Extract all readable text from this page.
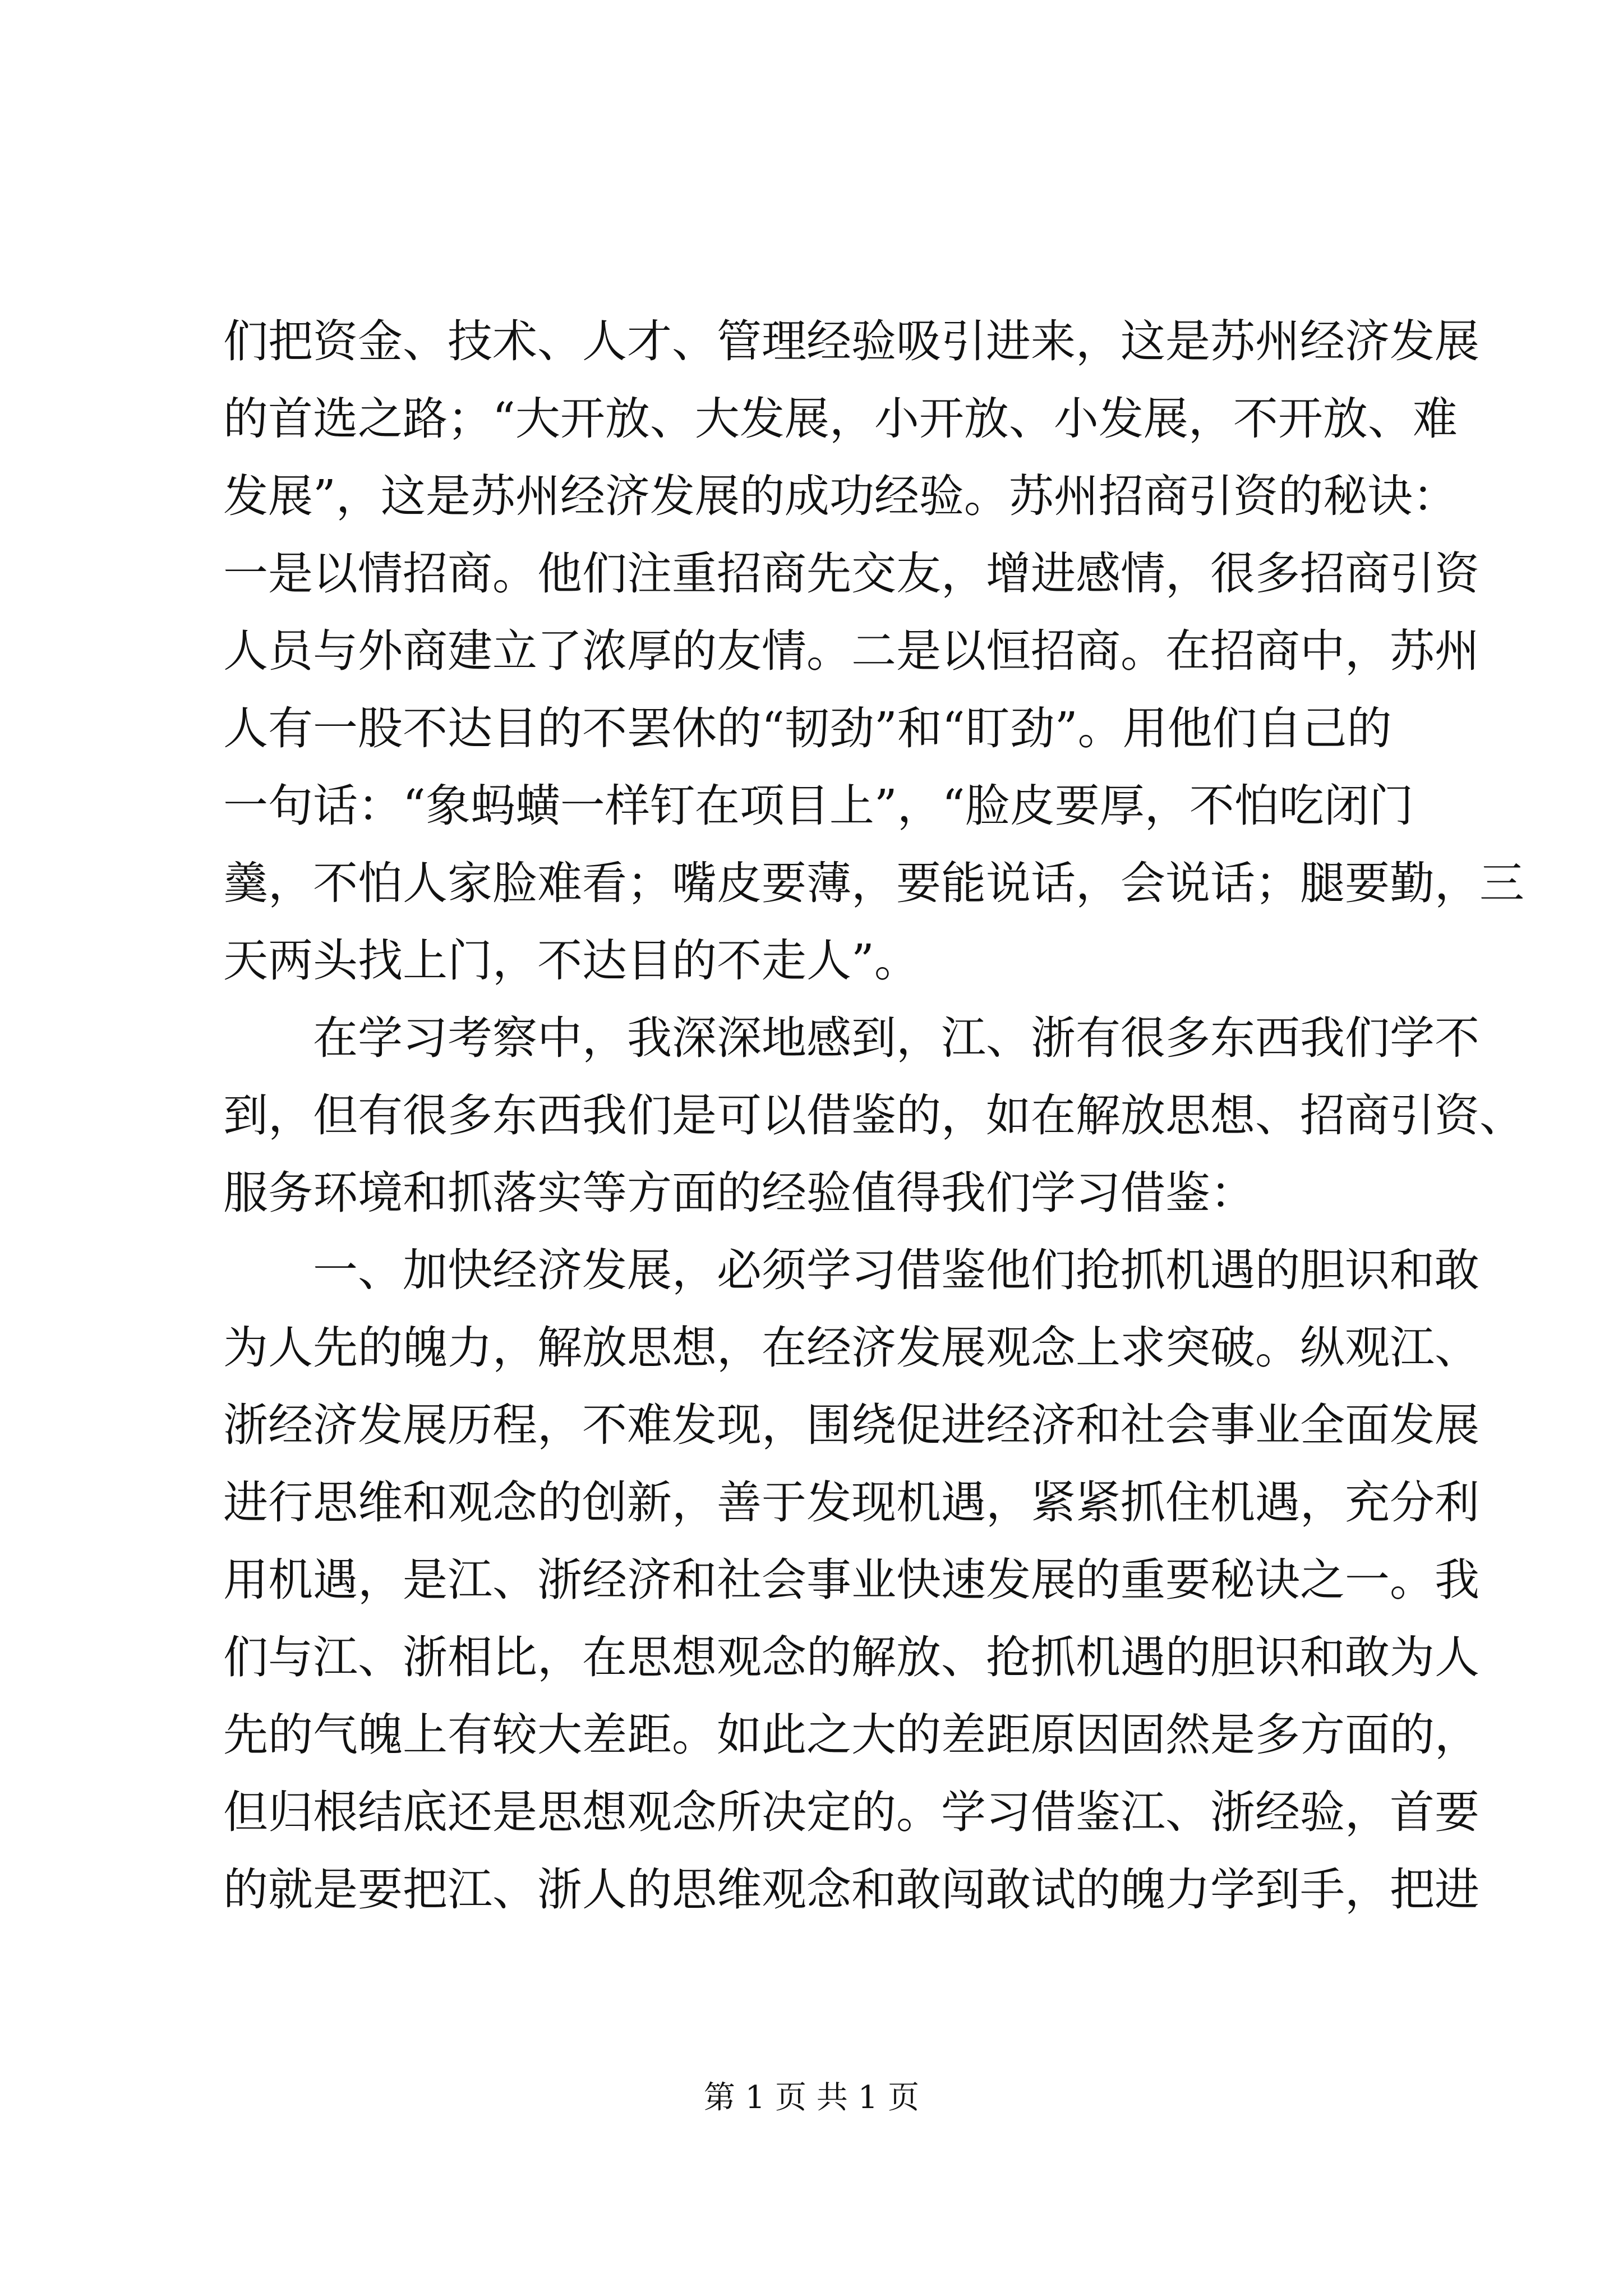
们把资金、技术、人才、管理经验吸引进来，这是苏州经济发展
的首选之路；“大开放、大发展，小开放、小发展，不开放、难
发展”，这是苏州经济发展的成功经验。苏州招商引资的秘诀：
一是以情招商。他们注重招商先交友，增进感情，很多招商引资
人员与外商建立了浓厚的友情。二是以恒招商。在招商中，苏州
人有一股不达目的不罢休的“韧劲”和“盯劲”。用他们自己的
一句话：“象蚂蟥一样钉在项目上”，“脸皮要厚，不怕吃闭门
羹，不怕人家脸难看；嘴皮要薄，要能说话，会说话；腿要勤，三
天两头找上门，不达目的不走人”。
在学习考察中，我深深地感到，江、浙有很多东西我们学不
到，但有很多东西我们是可以借鉴的，如在解放思想、招商引资、
服务环境和抓落实等方面的经验值得我们学习借鉴：
一、加快经济发展，必须学习借鉴他们抢抓机遇的胆识和敢
为人先的魄力，解放思想，在经济发展观念上求突破。纵观江、
浙经济发展历程，不难发现，围绕促进经济和社会事业全面发展
进行思维和观念的创新，善于发现机遇，紧紧抓住机遇，充分利
用机遇，是江、浙经济和社会事业快速发展的重要秘诀之一。我
们与江、浙相比，在思想观念的解放、抢抓机遇的胆识和敢为人
先的气魄上有较大差距。如此之大的差距原因固然是多方面的，
但归根结底还是思想观念所决定的。学习借鉴江、浙经验，首要
的就是要把江、浙人的思维观念和敢闯敢试的魄力学到手，把进
第 1 页 共 1 页
